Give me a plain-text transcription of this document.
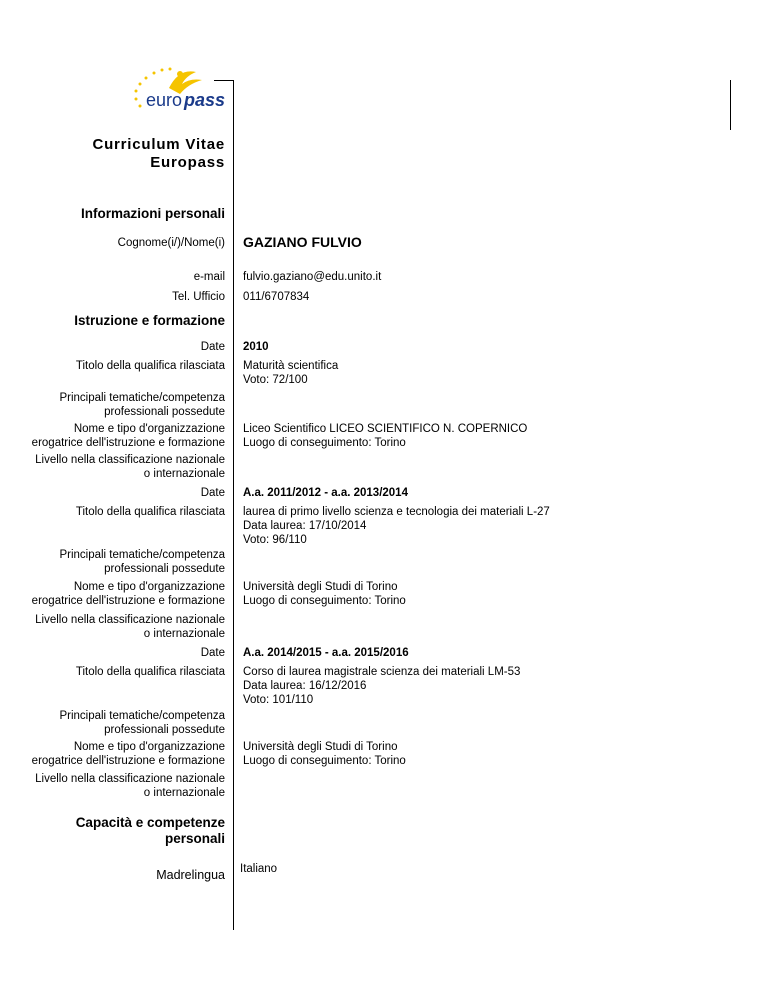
euro pass
Curriculum Vitae
Europass
Informazioni personali
Cognome(i/)/Nome(i) GAZIANO FULVIO
e-mail fulvio.gaziano@edu.unito.it
Tel. Ufficio 011/6707834
Istruzione e formazione
Date 2010
Titolo della qualifica rilasciata Maturità scientifica
Voto: 72/100
Principali tematiche/competenza
professionali possedute
Nome e tipo d'organizzazione
erogatrice dell'istruzione e formazione
Liceo Scientifico LICEO SCIENTIFICO N. COPERNICO
Luogo di conseguimento: Torino
Livello nella classificazione nazionale
o internazionale
Date A.a. 2011/2012 - a.a. 2013/2014
Titolo della qualifica rilasciata laurea di primo livello scienza e tecnologia dei materiali L-27
Data laurea: 17/10/2014
Voto: 96/110
Principali tematiche/competenza
professionali possedute
Nome e tipo d'organizzazione
erogatrice dell'istruzione e formazione
Università degli Studi di Torino
Luogo di conseguimento: Torino
Livello nella classificazione nazionale
o internazionale
Date A.a. 2014/2015 - a.a. 2015/2016
Titolo della qualifica rilasciata Corso di laurea magistrale scienza dei materiali LM-53
Data laurea: 16/12/2016
Voto: 101/110
Principali tematiche/competenza
professionali possedute
Nome e tipo d'organizzazione
erogatrice dell'istruzione e formazione
Università degli Studi di Torino
Luogo di conseguimento: Torino
Livello nella classificazione nazionale
o internazionale
Capacità e competenze
personali
Madrelingua Italiano
